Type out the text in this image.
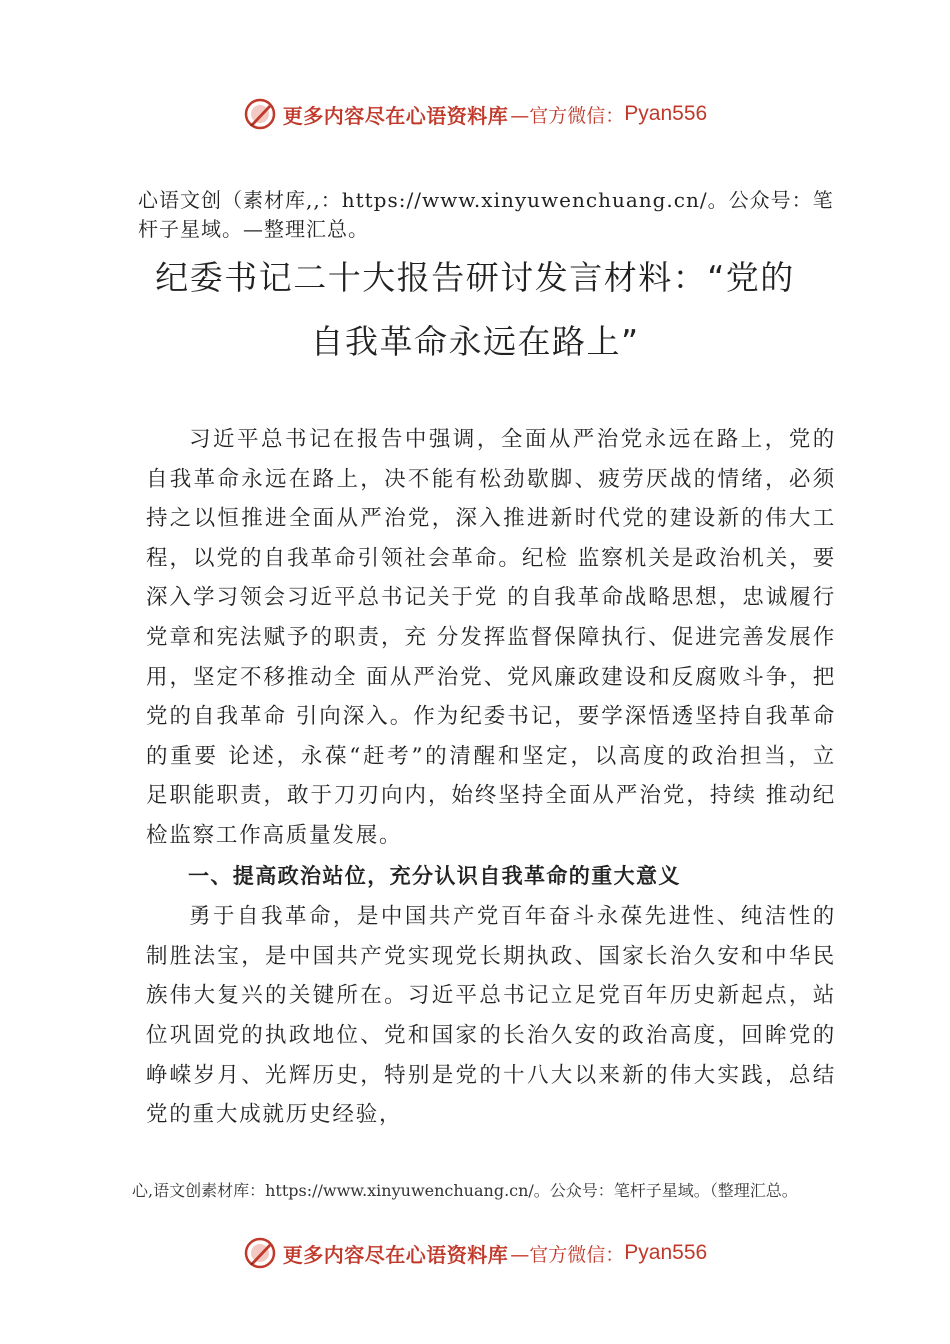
更多内容尽在心语资料库 —官方微信： Pyan556
心语文创（素材库,,：https://www.xinyuwenchuang.cn/。公众号：笔杆子星域。—整理汇总。
纪委书记二十大报告研讨发言材料：“党的
自我革命永远在路上”

习近平总书记在报告中强调，全面从严治党永远在路上，党的自我革命永远在路上，决不能有松劲歇脚、疲劳厌战的情绪，必须持之以恒推进全面从严治党，深入推进新时代党的建设新的伟大工程，以党的自我革命引领社会革命。纪检 监察机关是政治机关，要深入学习领会习近平总书记关于党 的自我革命战略思想，忠诚履行党章和宪法赋予的职责，充 分发挥监督保障执行、促进完善发展作用，坚定不移推动全 面从严治党、党风廉政建设和反腐败斗争，把党的自我革命 引向深入。作为纪委书记，要学深悟透坚持自我革命的重要 论述，永葆“赶考”的清醒和坚定，以高度的政治担当，立 足职能职责，敢于刀刃向内，始终坚持全面从严治党，持续 推动纪检监察工作高质量发展。

一、提高政治站位，充分认识自我革命的重大意义

勇于自我革命，是中国共产党百年奋斗永葆先进性、纯洁性的制胜法宝，是中国共产党实现党长期执政、国家长治久安和中华民族伟大复兴的关键所在。习近平总书记立足党百年历史新起点，站位巩固党的执政地位、党和国家的长治久安的政治高度，回眸党的峥嵘岁月、光辉历史，特别是党的十八大以来新的伟大实践，总结党的重大成就历史经验，

心,语文创素材库：https://www.xinyuwenchuang.cn/。公众号：笔杆子星域。（整理汇总。
更多内容尽在心语资料库 —官方微信： Pyan556
